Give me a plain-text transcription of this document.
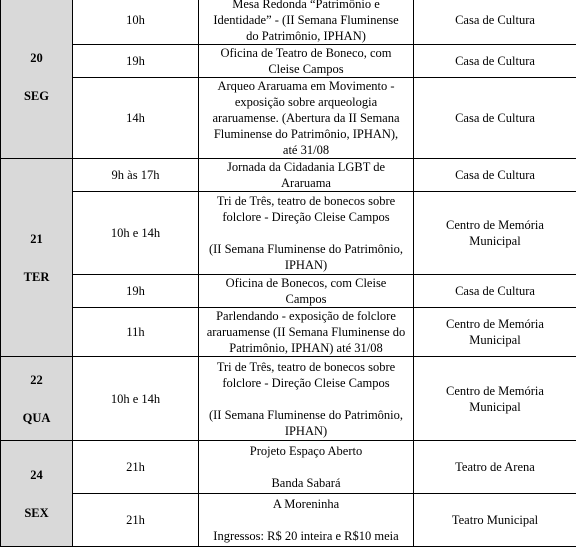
20
SEG	10h	Mesa Redonda “Patrimônio e
Identidade” - (II Semana Fluminense
do Patrimônio, IPHAN)	Casa de Cultura

	19h	Oficina de Teatro de Boneco, com
Cleise Campos	Casa de Cultura

	14h	Arqueo Araruama em Movimento -
exposição sobre arqueologia
araruamense. (Abertura da II Semana
Fluminense do Patrimônio, IPHAN),
até 31/08	Casa de Cultura

21
TER	9h às 17h	Jornada da Cidadania LGBT de
Araruama	Casa de Cultura

	10h e 14h	Tri de Três, teatro de bonecos sobre
folclore - Direção Cleise Campos
(II Semana Fluminense do Patrimônio,
IPHAN)	Centro de Memória
Municipal

	19h	Oficina de Bonecos, com Cleise
Campos	Casa de Cultura

	11h	Parlendando - exposição de folclore
araruamense (II Semana Fluminense do
Patrimônio, IPHAN) até 31/08	Centro de Memória
Municipal

22
QUA	10h e 14h	Tri de Três, teatro de bonecos sobre
folclore - Direção Cleise Campos
(II Semana Fluminense do Patrimônio,
IPHAN)	Centro de Memória
Municipal

24
SEX	21h	Projeto Espaço Aberto
Banda Sabará	Teatro de Arena

	21h	A Moreninha
Ingressos: R$ 20 inteira e R$10 meia	Teatro Municipal
